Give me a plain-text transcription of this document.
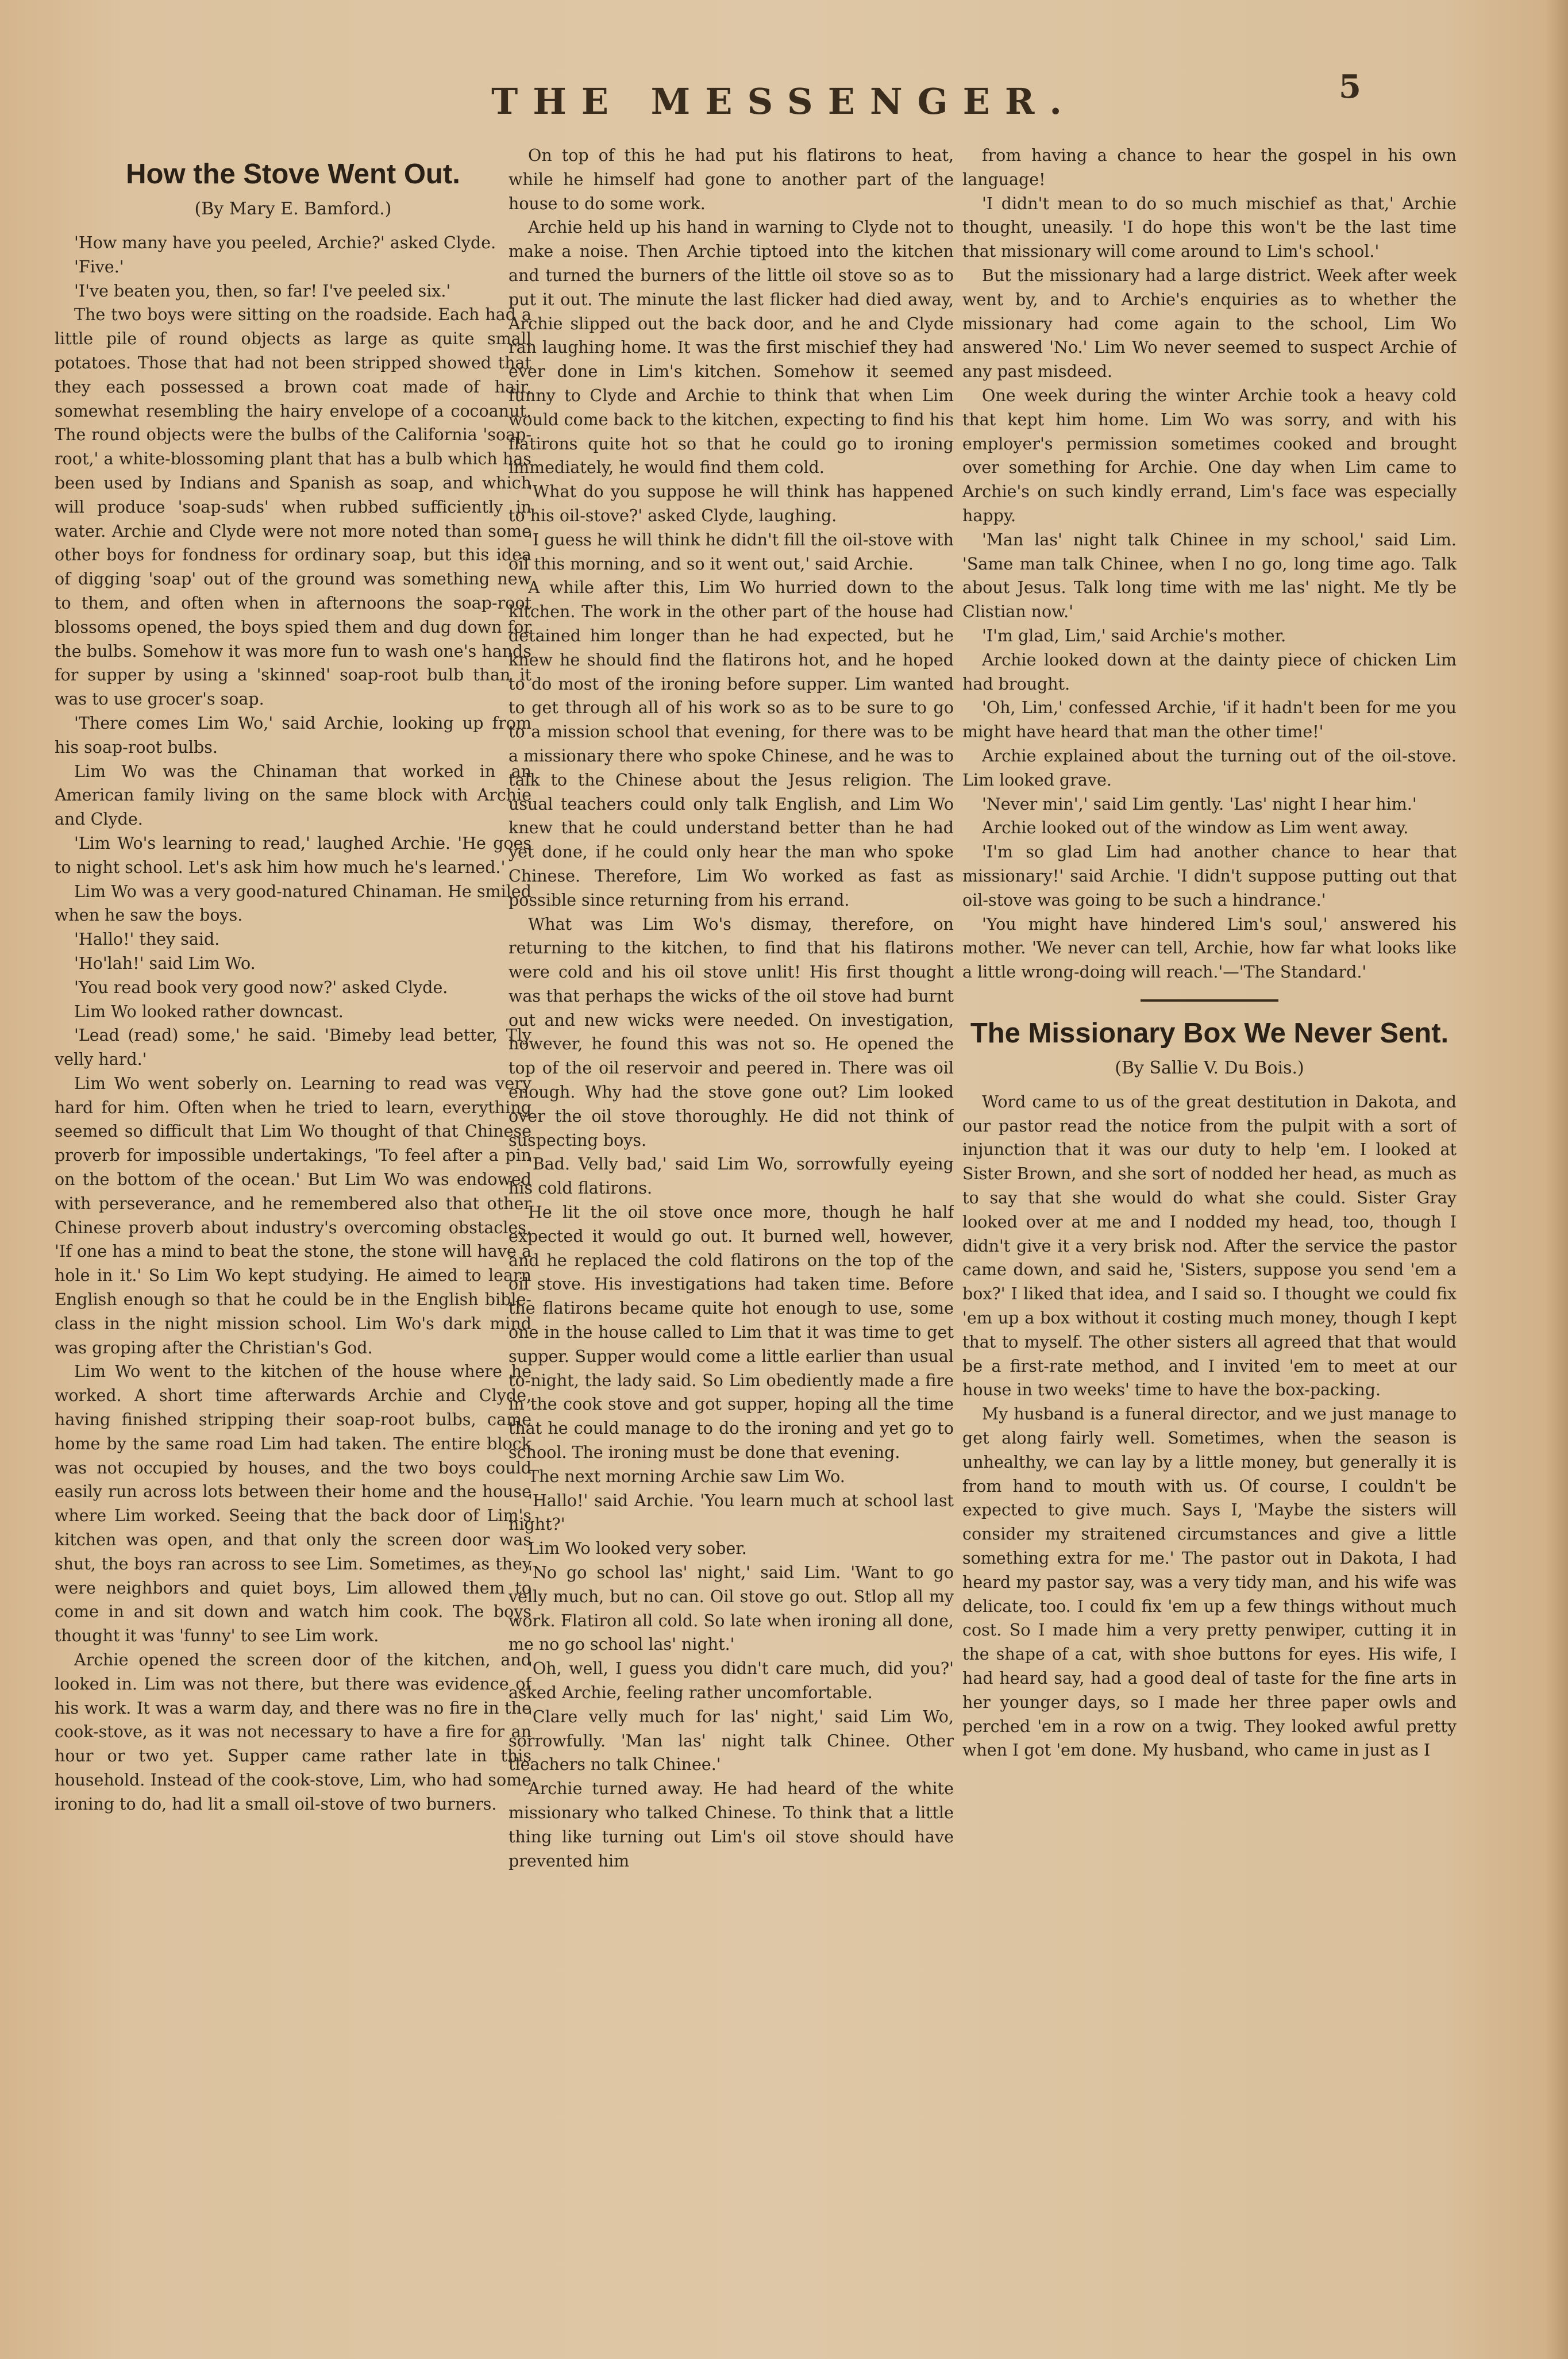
THE MESSENGER.	5
How the Stove Went Out.
(By Mary E. Bamford.)

'How many have you peeled, Archie?' asked Clyde.

'Five.'

'I've beaten you, then, so far! I've peeled six.'

The two boys were sitting on the roadside. Each had a little pile of round objects as large as quite small potatoes. Those that had not been stripped showed that they each possessed a brown coat made of hair, somewhat resembling the hairy envelope of a cocoanut. The round objects were the bulbs of the California 'soap-root,' a white-blossoming plant that has a bulb which has been used by Indians and Spanish as soap, and which will produce 'soap-suds' when rubbed sufficiently in water. Archie and Clyde were not more noted than some other boys for fondness for ordinary soap, but this idea of digging 'soap' out of the ground was something new to them, and often when in afternoons the soap-root blossoms opened, the boys spied them and dug down for the bulbs. Somehow it was more fun to wash one's hands for supper by using a 'skinned' soap-root bulb than it was to use grocer's soap.

'There comes Lim Wo,' said Archie, looking up from his soap-root bulbs.

Lim Wo was the Chinaman that worked in an American family living on the same block with Archie and Clyde.

'Lim Wo's learning to read,' laughed Archie. 'He goes to night school. Let's ask him how much he's learned.'

Lim Wo was a very good-natured Chinaman. He smiled when he saw the boys.

'Hallo!' they said.

'Ho'lah!' said Lim Wo.

'You read book very good now?' asked Clyde.

Lim Wo looked rather downcast.

'Lead (read) some,' he said. 'Bimeby lead better, Tly velly hard.'

Lim Wo went soberly on. Learning to read was very hard for him. Often when he tried to learn, everything seemed so difficult that Lim Wo thought of that Chinese proverb for impossible undertakings, 'To feel after a pin on the bottom of the ocean.' But Lim Wo was endowed with perseverance, and he remembered also that other Chinese proverb about industry's overcoming obstacles, 'If one has a mind to beat the stone, the stone will have a hole in it.' So Lim Wo kept studying. He aimed to learn English enough so that he could be in the English bible-class in the night mission school. Lim Wo's dark mind was groping after the Christian's God.

Lim Wo went to the kitchen of the house where he worked. A short time afterwards Archie and Clyde, having finished stripping their soap-root bulbs, came home by the same road Lim had taken. The entire block was not occupied by houses, and the two boys could easily run across lots between their home and the house where Lim worked. Seeing that the back door of Lim's kitchen was open, and that only the screen door was shut, the boys ran across to see Lim. Sometimes, as they were neighbors and quiet boys, Lim allowed them to come in and sit down and watch him cook. The boys thought it was 'funny' to see Lim work.

Archie opened the screen door of the kitchen, and looked in. Lim was not there, but there was evidence of his work. It was a warm day, and there was no fire in the cook-stove, as it was not necessary to have a fire for an hour or two yet. Supper came rather late in this household. Instead of the cook-stove, Lim, who had some ironing to do, had lit a small oil-stove of two burners.

On top of this he had put his flatirons to heat, while he himself had gone to another part of the house to do some work.

Archie held up his hand in warning to Clyde not to make a noise. Then Archie tiptoed into the kitchen and turned the burners of the little oil stove so as to put it out. The minute the last flicker had died away, Archie slipped out the back door, and he and Clyde ran laughing home. It was the first mischief they had ever done in Lim's kitchen. Somehow it seemed funny to Clyde and Archie to think that when Lim would come back to the kitchen, expecting to find his flatirons quite hot so that he could go to ironing immediately, he would find them cold.

'What do you suppose he will think has happened to his oil-stove?' asked Clyde, laughing.

'I guess he will think he didn't fill the oil-stove with oil this morning, and so it went out,' said Archie.

A while after this, Lim Wo hurried down to the kitchen. The work in the other part of the house had detained him longer than he had expected, but he knew he should find the flatirons hot, and he hoped to do most of the ironing before supper. Lim wanted to get through all of his work so as to be sure to go to a mission school that evening, for there was to be a missionary there who spoke Chinese, and he was to talk to the Chinese about the Jesus religion. The usual teachers could only talk English, and Lim Wo knew that he could understand better than he had yet done, if he could only hear the man who spoke Chinese. Therefore, Lim Wo worked as fast as possible since returning from his errand.

What was Lim Wo's dismay, therefore, on returning to the kitchen, to find that his flatirons were cold and his oil stove unlit! His first thought was that perhaps the wicks of the oil stove had burnt out and new wicks were needed. On investigation, however, he found this was not so. He opened the top of the oil reservoir and peered in. There was oil enough. Why had the stove gone out? Lim looked over the oil stove thoroughly. He did not think of suspecting boys.

'Bad. Velly bad,' said Lim Wo, sorrowfully eyeing his cold flatirons.

He lit the oil stove once more, though he half expected it would go out. It burned well, however, and he replaced the cold flatirons on the top of the oil stove. His investigations had taken time. Before the flatirons became quite hot enough to use, some one in the house called to Lim that it was time to get supper. Supper would come a little earlier than usual to-night, the lady said. So Lim obediently made a fire in the cook stove and got supper, hoping all the time that he could manage to do the ironing and yet go to school. The ironing must be done that evening.

The next morning Archie saw Lim Wo.

'Hallo!' said Archie. 'You learn much at school last night?'

Lim Wo looked very sober.

'No go school las' night,' said Lim. 'Want to go velly much, but no can. Oil stove go out. Stlop all my work. Flatiron all cold. So late when ironing all done, me no go school las' night.'

'Oh, well, I guess you didn't care much, did you?' asked Archie, feeling rather uncomfortable.

'Clare velly much for las' night,' said Lim Wo, sorrowfully. 'Man las' night talk Chinee. Other tleachers no talk Chinee.'

Archie turned away. He had heard of the white missionary who talked Chinese. To think that a little thing like turning out Lim's oil stove should have prevented him

from having a chance to hear the gospel in his own language!

'I didn't mean to do so much mischief as that,' Archie thought, uneasily. 'I do hope this won't be the last time that missionary will come around to Lim's school.'

But the missionary had a large district. Week after week went by, and to Archie's enquiries as to whether the missionary had come again to the school, Lim Wo answered 'No.' Lim Wo never seemed to suspect Archie of any past misdeed.

One week during the winter Archie took a heavy cold that kept him home. Lim Wo was sorry, and with his employer's permission sometimes cooked and brought over something for Archie. One day when Lim came to Archie's on such kindly errand, Lim's face was especially happy.

'Man las' night talk Chinee in my school,' said Lim. 'Same man talk Chinee, when I no go, long time ago. Talk about Jesus. Talk long time with me las' night. Me tly be Clistian now.'

'I'm glad, Lim,' said Archie's mother.

Archie looked down at the dainty piece of chicken Lim had brought.

'Oh, Lim,' confessed Archie, 'if it hadn't been for me you might have heard that man the other time!'

Archie explained about the turning out of the oil-stove. Lim looked grave.

'Never min',' said Lim gently. 'Las' night I hear him.'

Archie looked out of the window as Lim went away.

'I'm so glad Lim had another chance to hear that missionary!' said Archie. 'I didn't suppose putting out that oil-stove was going to be such a hindrance.'

'You might have hindered Lim's soul,' answered his mother. 'We never can tell, Archie, how far what looks like a little wrong-doing will reach.'—'The Standard.'

The Missionary Box We Never Sent.
(By Sallie V. Du Bois.)

Word came to us of the great destitution in Dakota, and our pastor read the notice from the pulpit with a sort of injunction that it was our duty to help 'em. I looked at Sister Brown, and she sort of nodded her head, as much as to say that she would do what she could. Sister Gray looked over at me and I nodded my head, too, though I didn't give it a very brisk nod. After the service the pastor came down, and said he, 'Sisters, suppose you send 'em a box?' I liked that idea, and I said so. I thought we could fix 'em up a box without it costing much money, though I kept that to myself. The other sisters all agreed that that would be a first-rate method, and I invited 'em to meet at our house in two weeks' time to have the box-packing.

My husband is a funeral director, and we just manage to get along fairly well. Sometimes, when the season is unhealthy, we can lay by a little money, but generally it is from hand to mouth with us. Of course, I couldn't be expected to give much. Says I, 'Maybe the sisters will consider my straitened circumstances and give a little something extra for me.' The pastor out in Dakota, I had heard my pastor say, was a very tidy man, and his wife was delicate, too. I could fix 'em up a few things without much cost. So I made him a very pretty penwiper, cutting it in the shape of a cat, with shoe buttons for eyes. His wife, I had heard say, had a good deal of taste for the fine arts in her younger days, so I made her three paper owls and perched 'em in a row on a twig. They looked awful pretty when I got 'em done. My husband, who came in just as I
